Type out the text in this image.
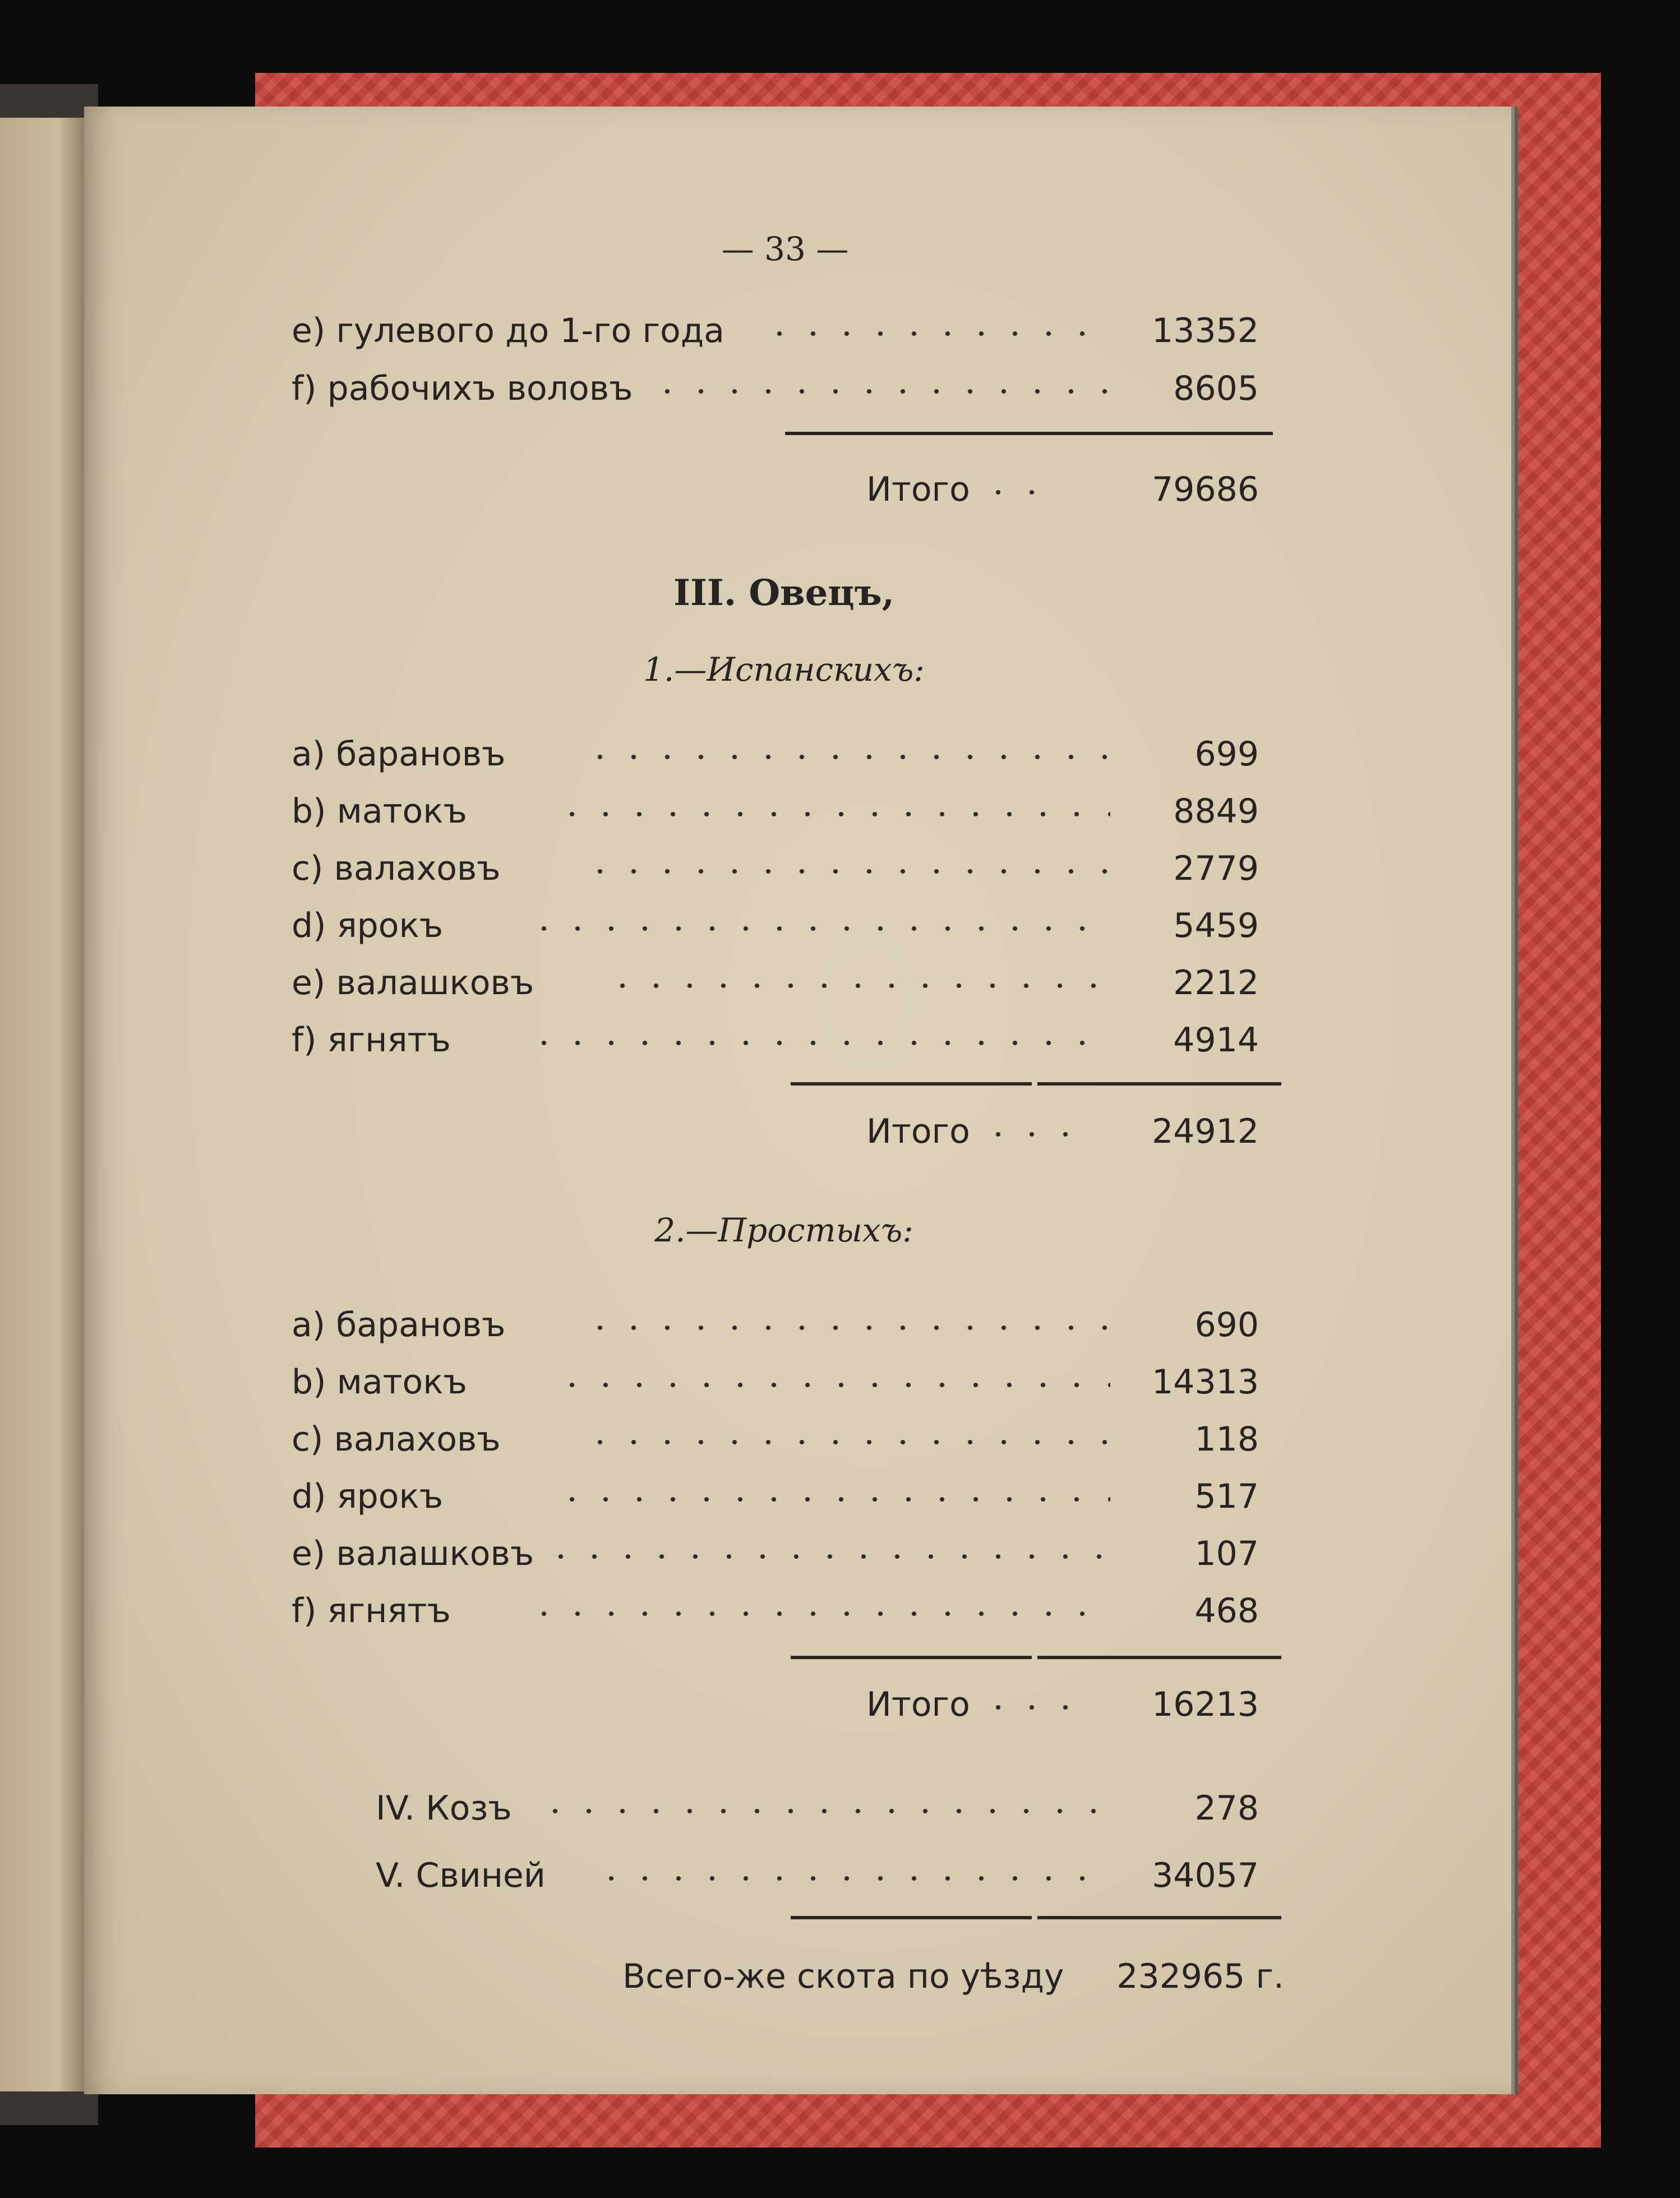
— 33 —
e) гулевого до 1-го года	13352
f) рабочихъ воловъ	8605
Итого	79686
III. Овецъ,
1.—Испанскихъ:
a) барановъ	699
b) матокъ	8849
c) валаховъ	2779
d) ярокъ	5459
e) валашковъ	2212
f) ягнятъ	4914
Итого	24912
2.—Простыхъ:
a) барановъ	690
b) матокъ	14313
c) валаховъ	118
d) ярокъ	517
e) валашковъ	107
f) ягнятъ	468
Итого	16213
IV. Козъ	278
V. Свиней	34057
Всего-же скота по уѣзду 232965 г.
